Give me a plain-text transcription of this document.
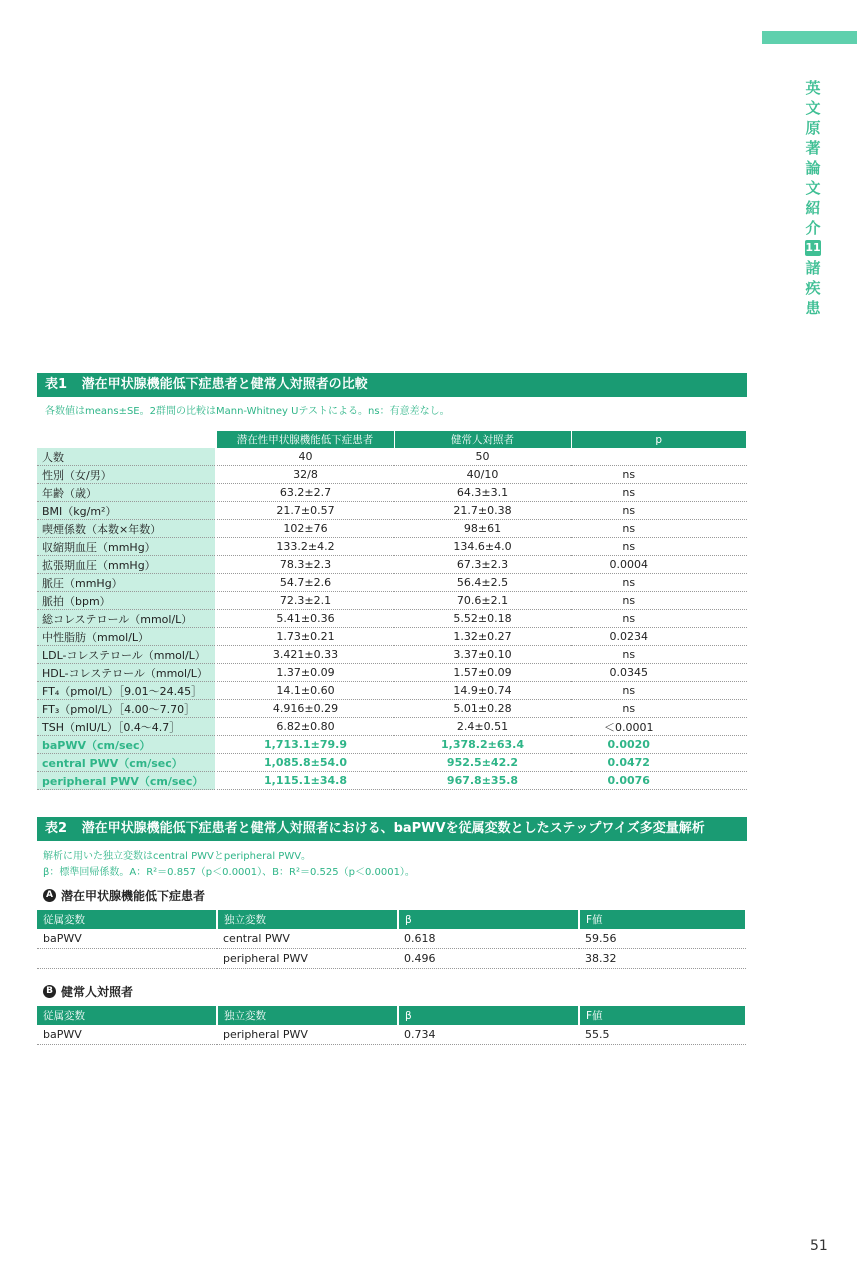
英
文
原
著
論
文
紹
介
11
諸
疾
患
表1 潜在甲状腺機能低下症患者と健常人対照者の比較
各数値はmeans±SE。2群間の比較はMann-Whitney Uテストによる。ns：有意差なし。
	潜在性甲状腺機能低下症患者	健常人対照者	p
人数	40	50	
性別（女/男）	32/8	40/10	ns
年齢（歳）	63.2±2.7	64.3±3.1	ns
BMI（kg/m²）	21.7±0.57	21.7±0.38	ns
喫煙係数（本数×年数）	102±76	98±61	ns
収縮期血圧（mmHg）	133.2±4.2	134.6±4.0	ns
拡張期血圧（mmHg）	78.3±2.3	67.3±2.3	0.0004
脈圧（mmHg）	54.7±2.6	56.4±2.5	ns
脈拍（bpm）	72.3±2.1	70.6±2.1	ns
総コレステロール（mmol/L）	5.41±0.36	5.52±0.18	ns
中性脂肪（mmol/L）	1.73±0.21	1.32±0.27	0.0234
LDL-コレステロール（mmol/L）	3.421±0.33	3.37±0.10	ns
HDL-コレステロール（mmol/L）	1.37±0.09	1.57±0.09	0.0345
FT₄（pmol/L）［9.01〜24.45］	14.1±0.60	14.9±0.74	ns
FT₃（pmol/L）［4.00〜7.70］	4.916±0.29	5.01±0.28	ns
TSH（mIU/L）［0.4〜4.7］	6.82±0.80	2.4±0.51	＜0.0001
baPWV（cm/sec）	1,713.1±79.9	1,378.2±63.4	0.0020
central PWV（cm/sec）	1,085.8±54.0	952.5±42.2	0.0472
peripheral PWV（cm/sec）	1,115.1±34.8	967.8±35.8	0.0076
表2 潜在甲状腺機能低下症患者と健常人対照者における、baPWVを従属変数としたステップワイズ多変量解析
解析に用いた独立変数はcentral PWVとperipheral PWV。
β：標準回帰係数。A：R²＝0.857（p＜0.0001）、B：R²＝0.525（p＜0.0001）。
A 潜在甲状腺機能低下症患者
従属変数	独立変数	β	F値
baPWV	central PWV	0.618	59.56
	peripheral PWV	0.496	38.32
B 健常人対照者
従属変数	独立変数	β	F値
baPWV	peripheral PWV	0.734	55.5
51
